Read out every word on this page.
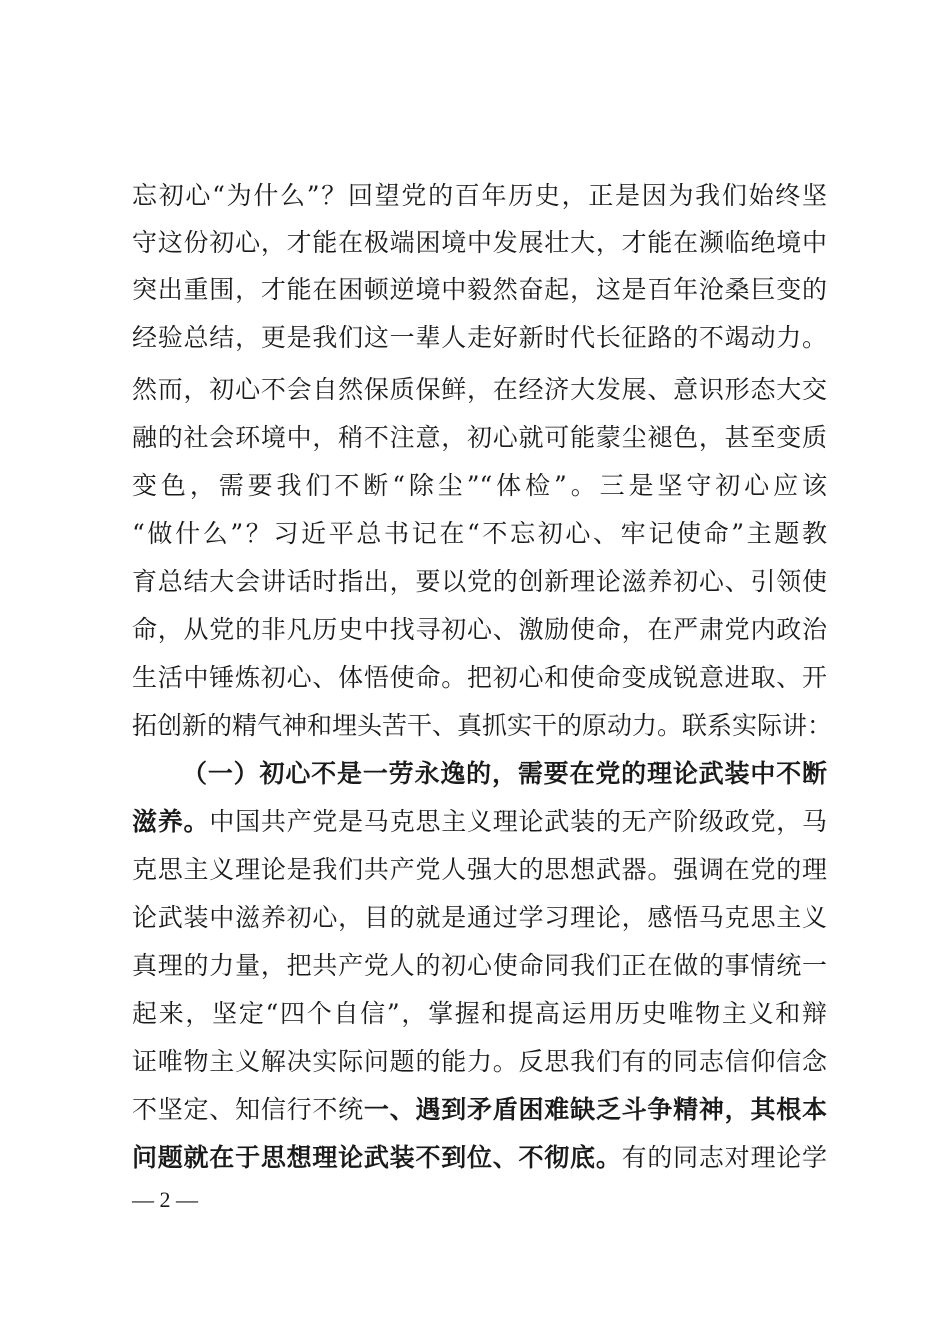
忘初心“为什么”？回望党的百年历史，正是因为我们始终坚
守这份初心，才能在极端困境中发展壮大，才能在濒临绝境中
突出重围，才能在困顿逆境中毅然奋起，这是百年沧桑巨变的
经验总结，更是我们这一辈人走好新时代长征路的不竭动力。
然而，初心不会自然保质保鲜，在经济大发展、意识形态大交
融的社会环境中，稍不注意，初心就可能蒙尘褪色，甚至变质
变色，需要我们不断“除尘”“体检”。三是坚守初心应该
“做什么”？习近平总书记在“不忘初心、牢记使命”主题教
育总结大会讲话时指出，要以党的创新理论滋养初心、引领使
命，从党的非凡历史中找寻初心、激励使命，在严肃党内政治
生活中锤炼初心、体悟使命。把初心和使命变成锐意进取、开
拓创新的精气神和埋头苦干、真抓实干的原动力。联系实际讲：
（一）初心不是一劳永逸的，需要在党的理论武装中不断
滋养。中国共产党是马克思主义理论武装的无产阶级政党，马
克思主义理论是我们共产党人强大的思想武器。强调在党的理
论武装中滋养初心，目的就是通过学习理论，感悟马克思主义
真理的力量，把共产党人的初心使命同我们正在做的事情统一
起来，坚定“四个自信”，掌握和提高运用历史唯物主义和辩
证唯物主义解决实际问题的能力。反思我们有的同志信仰信念
不坚定、知信行不统一、遇到矛盾困难缺乏斗争精神，其根本
问题就在于思想理论武装不到位、不彻底。有的同志对理论学
— 2 —
